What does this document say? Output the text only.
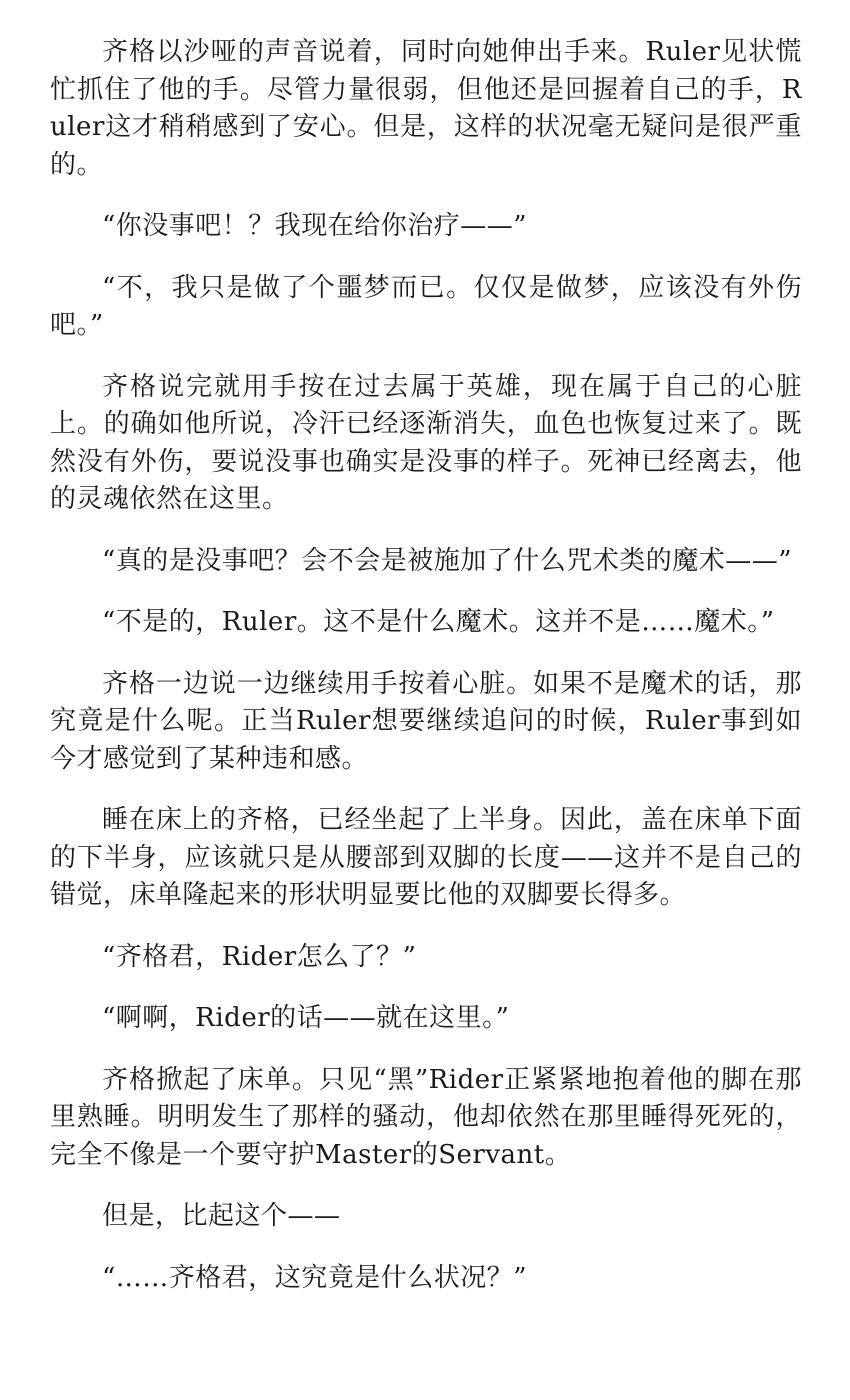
齐格以沙哑的声音说着，同时向她伸出手来。Ruler见状慌忙抓住了他的手。尽管力量很弱，但他还是回握着自己的手，Ruler这才稍稍感到了安心。但是，这样的状况毫无疑问是很严重的。

“你没事吧！？我现在给你治疗——”

“不，我只是做了个噩梦而已。仅仅是做梦，应该没有外伤吧。”

齐格说完就用手按在过去属于英雄，现在属于自己的心脏上。的确如他所说，冷汗已经逐渐消失，血色也恢复过来了。既然没有外伤，要说没事也确实是没事的样子。死神已经离去，他的灵魂依然在这里。

“真的是没事吧？会不会是被施加了什么咒术类的魔术——”

“不是的，Ruler。这不是什么魔术。这并不是……魔术。”

齐格一边说一边继续用手按着心脏。如果不是魔术的话，那究竟是什么呢。正当Ruler想要继续追问的时候，Ruler事到如今才感觉到了某种违和感。

睡在床上的齐格，已经坐起了上半身。因此，盖在床单下面的下半身，应该就只是从腰部到双脚的长度——这并不是自己的错觉，床单隆起来的形状明显要比他的双脚要长得多。

“齐格君，Rider怎么了？”

“啊啊，Rider的话——就在这里。”

齐格掀起了床单。只见“黑”Rider正紧紧地抱着他的脚在那里熟睡。明明发生了那样的骚动，他却依然在那里睡得死死的，完全不像是一个要守护Master的Servant。

但是，比起这个——

“……齐格君，这究竟是什么状况？”
